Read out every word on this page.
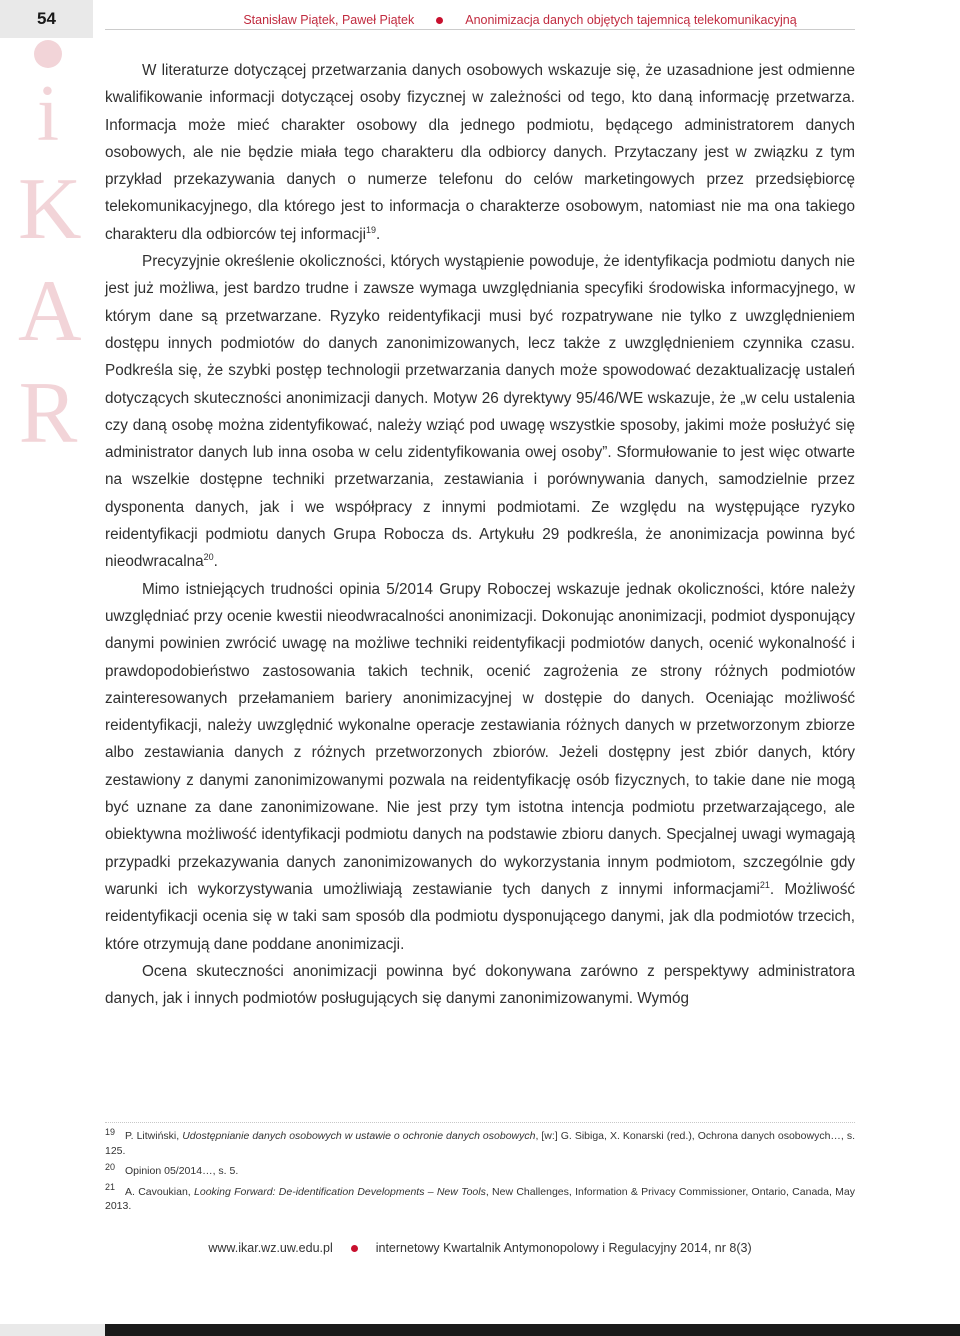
54	Stanisław Piątek, Paweł Piątek	Anonimizacja danych objętych tajemnicą telekomunikacyjną
i
K
A
R

W literaturze dotyczącej przetwarzania danych osobowych wskazuje się, że uzasadnione jest odmienne kwalifikowanie informacji dotyczącej osoby fizycznej w zależności od tego, kto daną informację przetwarza. Informacja może mieć charakter osobowy dla jednego podmiotu, będącego administratorem danych osobowych, ale nie będzie miała tego charakteru dla odbiorcy danych. Przytaczany jest w związku z tym przykład przekazywania danych o numerze telefonu do celów marketingowych przez przedsiębiorcę telekomunikacyjnego, dla którego jest to informacja o charakterze osobowym, natomiast nie ma ona takiego charakteru dla odbiorców tej informacji$^{19}$.

Precyzyjnie określenie okoliczności, których wystąpienie powoduje, że identyfikacja podmiotu danych nie jest już możliwa, jest bardzo trudne i zawsze wymaga uwzględniania specyfiki środowiska informacyjnego, w którym dane są przetwarzane. Ryzyko reidentyfikacji musi być rozpatrywane nie tylko z uwzględnieniem dostępu innych podmiotów do danych zanonimizowanych, lecz także z uwzględnieniem czynnika czasu. Podkreśla się, że szybki postęp technologii przetwarzania danych może spowodować dezaktualizację ustaleń dotyczących skuteczności anonimizacji danych. Motyw 26 dyrektywy 95/46/WE wskazuje, że „w celu ustalenia czy daną osobę można zidentyfikować, należy wziąć pod uwagę wszystkie sposoby, jakimi może posłużyć się administrator danych lub inna osoba w celu zidentyfikowania owej osoby”. Sformułowanie to jest więc otwarte na wszelkie dostępne techniki przetwarzania, zestawiania i porównywania danych, samodzielnie przez dysponenta danych, jak i we współpracy z innymi podmiotami. Ze względu na występujące ryzyko reidentyfikacji podmiotu danych Grupa Robocza ds. Artykułu 29 podkreśla, że anonimizacja powinna być nieodwracalna$^{20}$.

Mimo istniejących trudności opinia 5/2014 Grupy Roboczej wskazuje jednak okoliczności, które należy uwzględniać przy ocenie kwestii nieodwracalności anonimizacji. Dokonując anonimizacji, podmiot dysponujący danymi powinien zwrócić uwagę na możliwe techniki reidentyfikacji podmiotów danych, ocenić wykonalność i prawdopodobieństwo zastosowania takich technik, ocenić zagrożenia ze strony różnych podmiotów zainteresowanych przełamaniem bariery anonimizacyjnej w dostępie do danych. Oceniając możliwość reidentyfikacji, należy uwzględnić wykonalne operacje zestawiania różnych danych w przetworzonym zbiorze albo zestawiania danych z różnych przetworzonych zbiorów. Jeżeli dostępny jest zbiór danych, który zestawiony z danymi zanonimizowanymi pozwala na reidentyfikację osób fizycznych, to takie dane nie mogą być uznane za dane zanonimizowane. Nie jest przy tym istotna intencja podmiotu przetwarzającego, ale obiektywna możliwość identyfikacji podmiotu danych na podstawie zbioru danych. Specjalnej uwagi wymagają przypadki przekazywania danych zanonimizowanych do wykorzystania innym podmiotom, szczególnie gdy warunki ich wykorzystywania umożliwiają zestawianie tych danych z innymi informacjami$^{21}$. Możliwość reidentyfikacji ocenia się w taki sam sposób dla podmiotu dysponującego danymi, jak dla podmiotów trzecich, które otrzymują dane poddane anonimizacji.

Ocena skuteczności anonimizacji powinna być dokonywana zarówno z perspektywy administratora danych, jak i innych podmiotów posługujących się danymi zanonimizowanymi. Wymóg

$^{19}$ P. Litwiński, Udostępnianie danych osobowych w ustawie o ochronie danych osobowych, [w:] G. Sibiga, X. Konarski (red.), Ochrona danych osobowych…, s. 125.
$^{20}$ Opinion 05/2014…, s. 5.
$^{21}$ A. Cavoukian, Looking Forward: De-identification Developments – New Tools, New Challenges, Information & Privacy Commissioner, Ontario, Canada, May 2013.
www.ikar.wz.uw.edu.pl	internetowy Kwartalnik Antymonopolowy i Regulacyjny 2014, nr 8(3)
